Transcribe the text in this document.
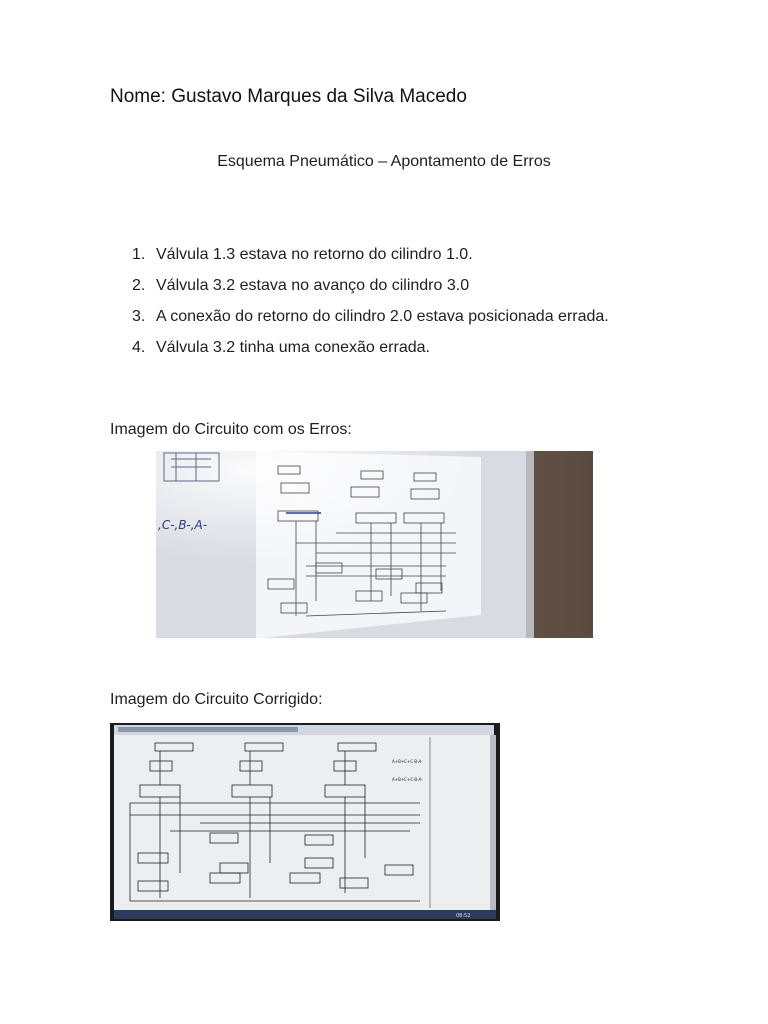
Nome: Gustavo Marques da Silva Macedo
Esquema Pneumático – Apontamento de Erros
1. Válvula 1.3 estava no retorno do cilindro 1.0.
2. Válvula 3.2 estava no avanço do cilindro 3.0
3. A conexão do retorno do cilindro 2.0 estava posicionada errada.
4. Válvula 3.2 tinha uma conexão errada.
Imagem do Circuito com os Erros:
,C-,B-,A-
Imagem do Circuito Corrigido:
08:52
A+B+C+C-B-A-
A+B+C+C-B-A-
